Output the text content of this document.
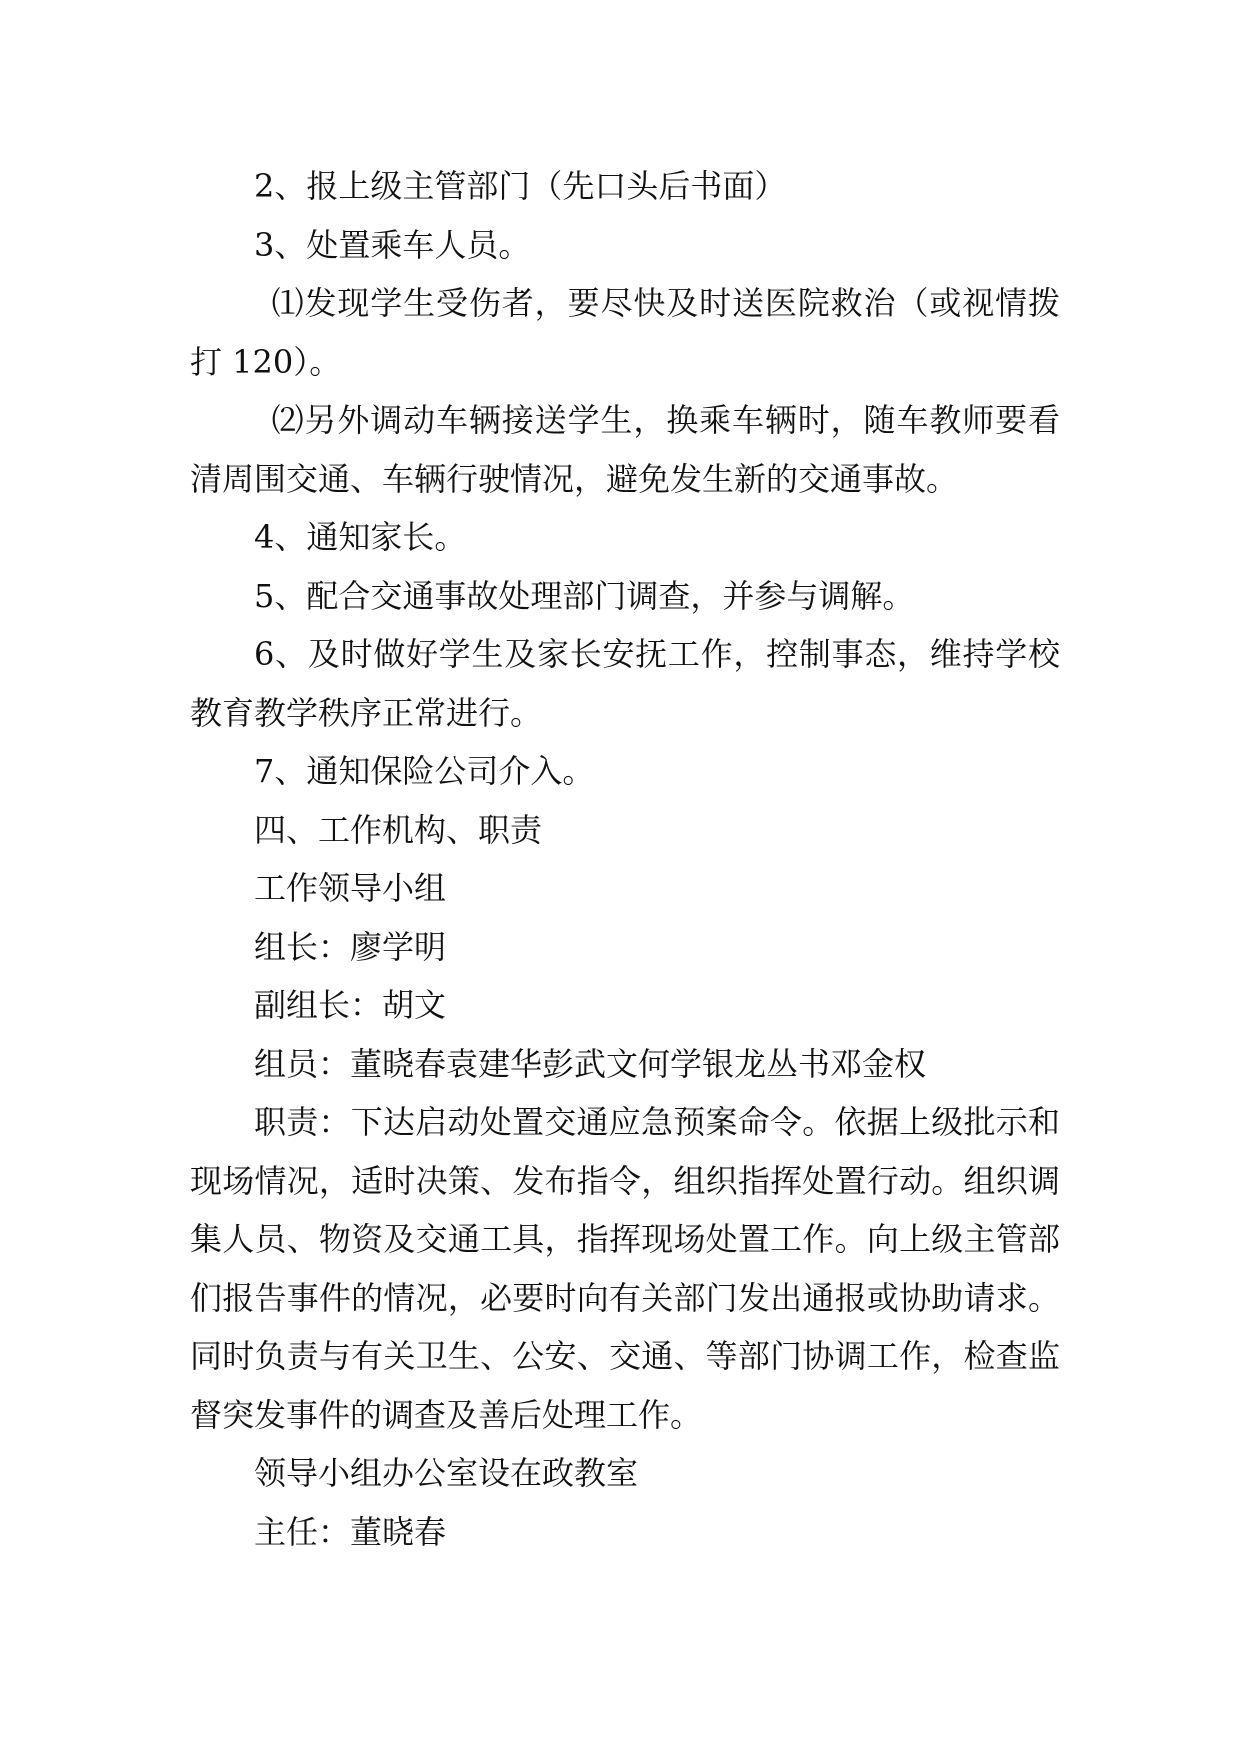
2、报上级主管部门（先口头后书面）

3、处置乘车人员。

⑴发现学生受伤者，要尽快及时送医院救治（或视情拨打 120）。

⑵另外调动车辆接送学生，换乘车辆时，随车教师要看清周围交通、车辆行驶情况，避免发生新的交通事故。

4、通知家长。

5、配合交通事故处理部门调查，并参与调解。

6、及时做好学生及家长安抚工作，控制事态，维持学校教育教学秩序正常进行。

7、通知保险公司介入。

四、工作机构、职责

工作领导小组

组长：廖学明

副组长：胡文

组员：董晓春袁建华彭武文何学银龙丛书邓金权

职责：下达启动处置交通应急预案命令。依据上级批示和现场情况，适时决策、发布指令，组织指挥处置行动。组织调集人员、物资及交通工具，指挥现场处置工作。向上级主管部们报告事件的情况，必要时向有关部门发出通报或协助请求。同时负责与有关卫生、公安、交通、等部门协调工作，检查监督突发事件的调查及善后处理工作。

领导小组办公室设在政教室

主任：董晓春
